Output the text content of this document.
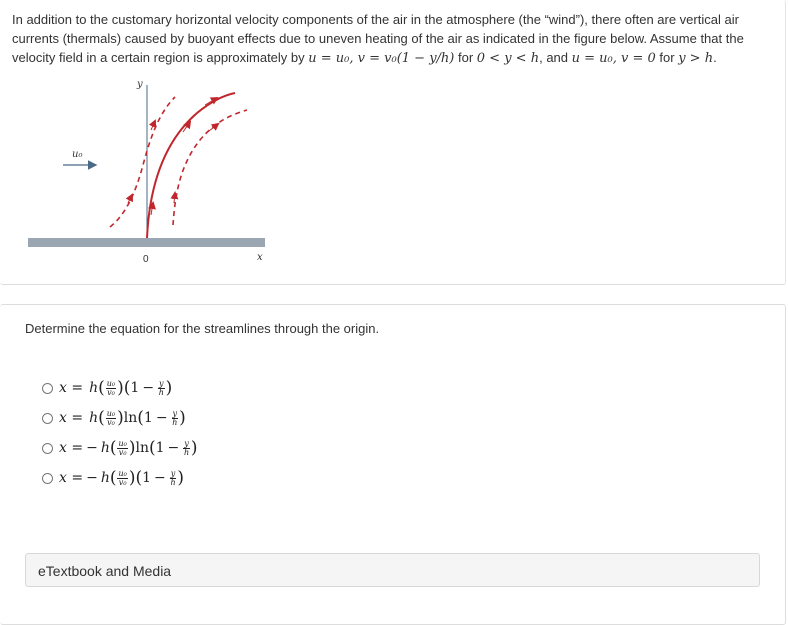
In addition to the customary horizontal velocity components of the air in the atmosphere (the “wind”), there often are vertical air currents (thermals) caused by buoyant effects due to uneven heating of the air as indicated in the figure below. Assume that the velocity field in a certain region is approximately by u = u₀, v = v₀(1 − y/h) for 0 < y < h, and u = u₀, v = 0 for y > h.
y
x
0
u₀
Determine the equation for the streamlines through the origin.
x = h ( $\frac{\text{u₀}}{\text{v₀}}$ ) ( $1 - \frac{y}{h}$ )
x = h ( $\frac{\text{u₀}}{\text{v₀}}$ ) ln ( $1 - \frac{y}{h}$ )
x = − h ( $\frac{\text{u₀}}{\text{v₀}}$ ) ln ( $1 - \frac{y}{h}$ )
x = − h ( $\frac{\text{u₀}}{\text{v₀}}$ ) ( $1 - \frac{y}{h}$ )
eTextbook and Media
